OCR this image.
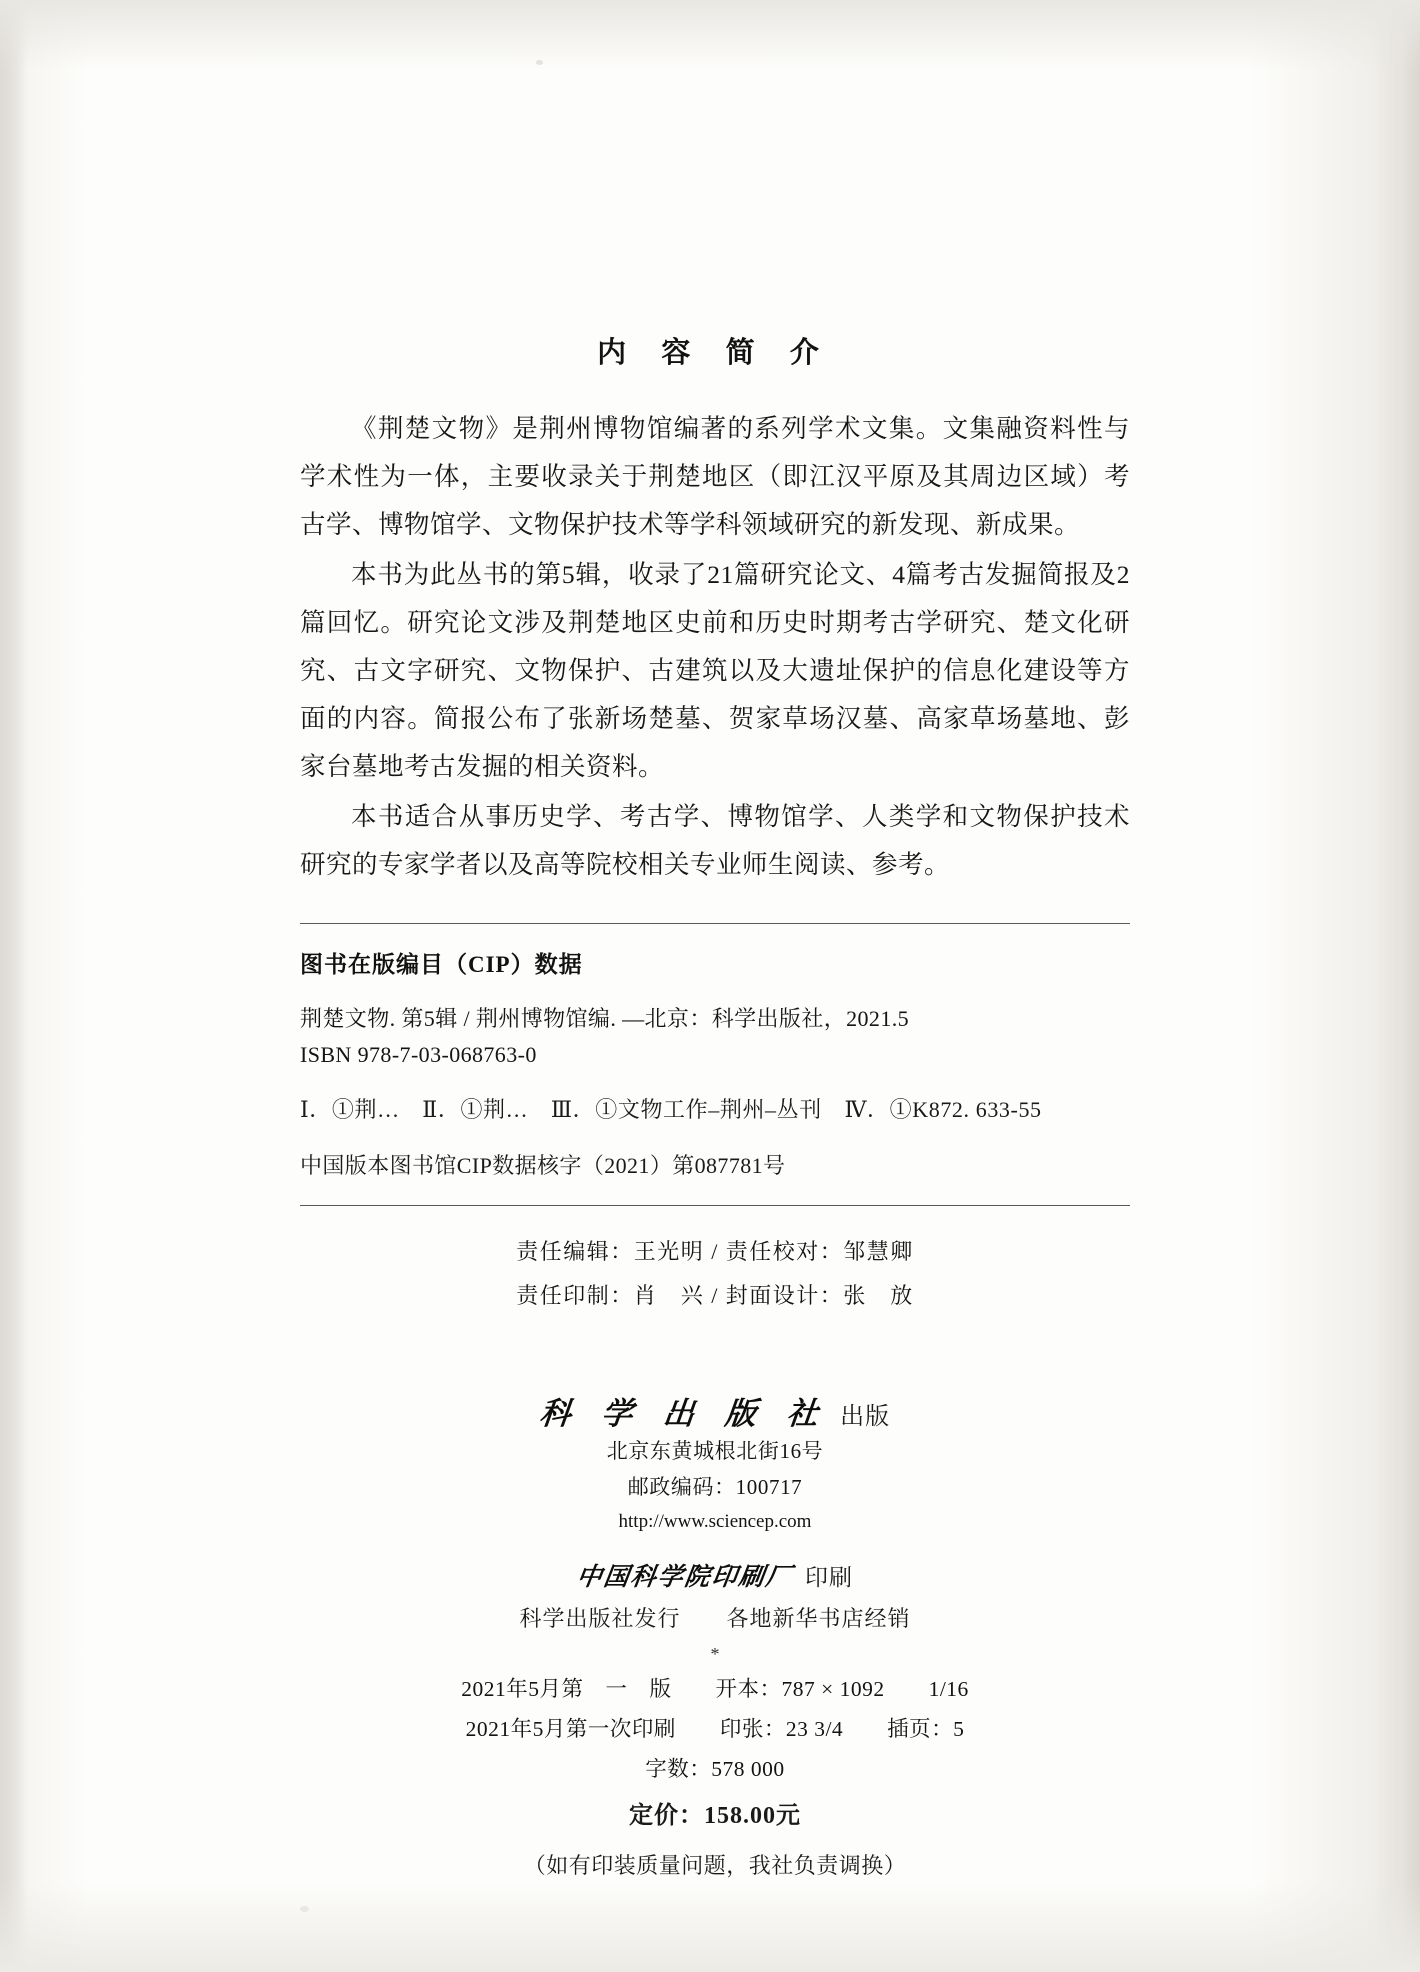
内 容 简 介

《荆楚文物》是荆州博物馆编著的系列学术文集。文集融资料性与学术性为一体，主要收录关于荆楚地区（即江汉平原及其周边区域）考古学、博物馆学、文物保护技术等学科领域研究的新发现、新成果。

本书为此丛书的第5辑，收录了21篇研究论文、4篇考古发掘简报及2篇回忆。研究论文涉及荆楚地区史前和历史时期考古学研究、楚文化研究、古文字研究、文物保护、古建筑以及大遗址保护的信息化建设等方面的内容。简报公布了张新场楚墓、贺家草场汉墓、高家草场墓地、彭家台墓地考古发掘的相关资料。

本书适合从事历史学、考古学、博物馆学、人类学和文物保护技术研究的专家学者以及高等院校相关专业师生阅读、参考。

图书在版编目（CIP）数据

荆楚文物. 第5辑 / 荆州博物馆编. —北京：科学出版社，2021.5

ISBN 978-7-03-068763-0

Ⅰ．①荆…　Ⅱ．①荆…　Ⅲ．①文物工作–荆州–丛刊　Ⅳ．①K872. 633-55

中国版本图书馆CIP数据核字（2021）第087781号

责任编辑：王光明 / 责任校对：邹慧卿
责任印制：肖　兴 / 封面设计：张　放
科 学 出 版 社 出版
北京东黄城根北街16号
邮政编码：100717
http://www.sciencep.com
中国科学院印刷厂 印刷
科学出版社发行　　各地新华书店经销
*
2021年5月第　一　版　　开本：787 × 1092　　1/16
2021年5月第一次印刷　　印张：23 3/4　　插页：5
字数：578 000
定价：158.00元
（如有印装质量问题，我社负责调换）
